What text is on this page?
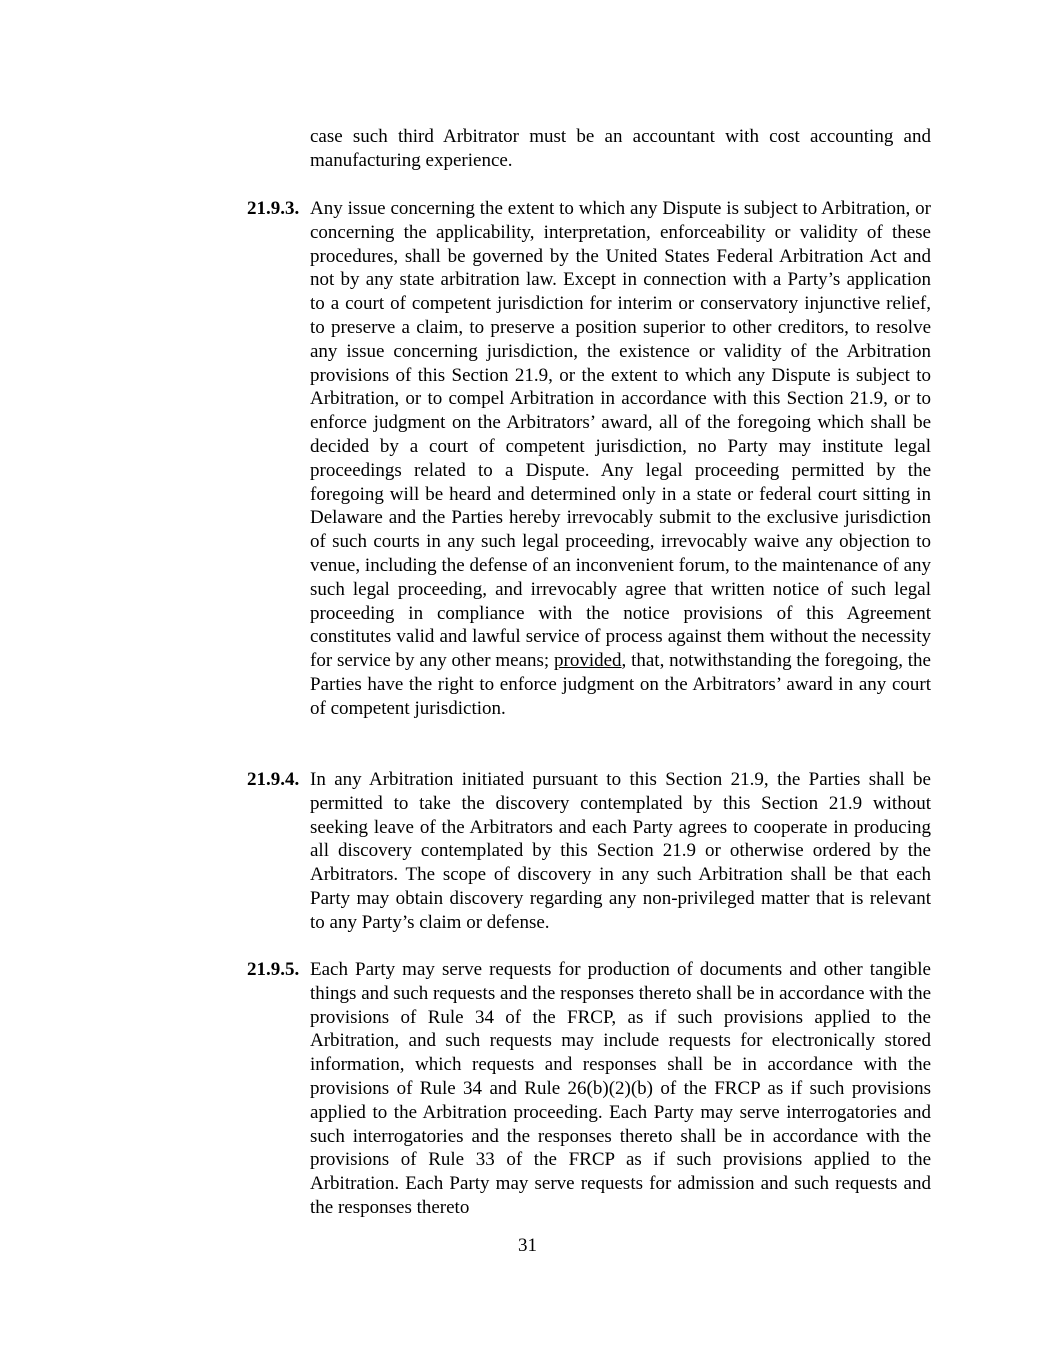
case such third Arbitrator must be an accountant with cost accounting and manufacturing experience.
21.9.3. Any issue concerning the extent to which any Dispute is subject to Arbitration, or concerning the applicability, interpretation, enforceability or validity of these procedures, shall be governed by the United States Federal Arbitration Act and not by any state arbitration law. Except in connection with a Party’s application to a court of competent jurisdiction for interim or conservatory injunctive relief, to preserve a claim, to preserve a position superior to other creditors, to resolve any issue concerning jurisdiction, the existence or validity of the Arbitration provisions of this Section 21.9, or the extent to which any Dispute is subject to Arbitration, or to compel Arbitration in accordance with this Section 21.9, or to enforce judgment on the Arbitrators’ award, all of the foregoing which shall be decided by a court of competent jurisdiction, no Party may institute legal proceedings related to a Dispute. Any legal proceeding permitted by the foregoing will be heard and determined only in a state or federal court sitting in Delaware and the Parties hereby irrevocably submit to the exclusive jurisdiction of such courts in any such legal proceeding, irrevocably waive any objection to venue, including the defense of an inconvenient forum, to the maintenance of any such legal proceeding, and irrevocably agree that written notice of such legal proceeding in compliance with the notice provisions of this Agreement constitutes valid and lawful service of process against them without the necessity for service by any other means; provided, that, notwithstanding the foregoing, the Parties have the right to enforce judgment on the Arbitrators’ award in any court of competent jurisdiction.
21.9.4. In any Arbitration initiated pursuant to this Section 21.9, the Parties shall be permitted to take the discovery contemplated by this Section 21.9 without seeking leave of the Arbitrators and each Party agrees to cooperate in producing all discovery contemplated by this Section 21.9 or otherwise ordered by the Arbitrators. The scope of discovery in any such Arbitration shall be that each Party may obtain discovery regarding any non-privileged matter that is relevant to any Party’s claim or defense.
21.9.5. Each Party may serve requests for production of documents and other tangible things and such requests and the responses thereto shall be in accordance with the provisions of Rule 34 of the FRCP, as if such provisions applied to the Arbitration, and such requests may include requests for electronically stored information, which requests and responses shall be in accordance with the provisions of Rule 34 and Rule 26(b)(2)(b) of the FRCP as if such provisions applied to the Arbitration proceeding. Each Party may serve interrogatories and such interrogatories and the responses thereto shall be in accordance with the provisions of Rule 33 of the FRCP as if such provisions applied to the Arbitration. Each Party may serve requests for admission and such requests and the responses thereto
31
